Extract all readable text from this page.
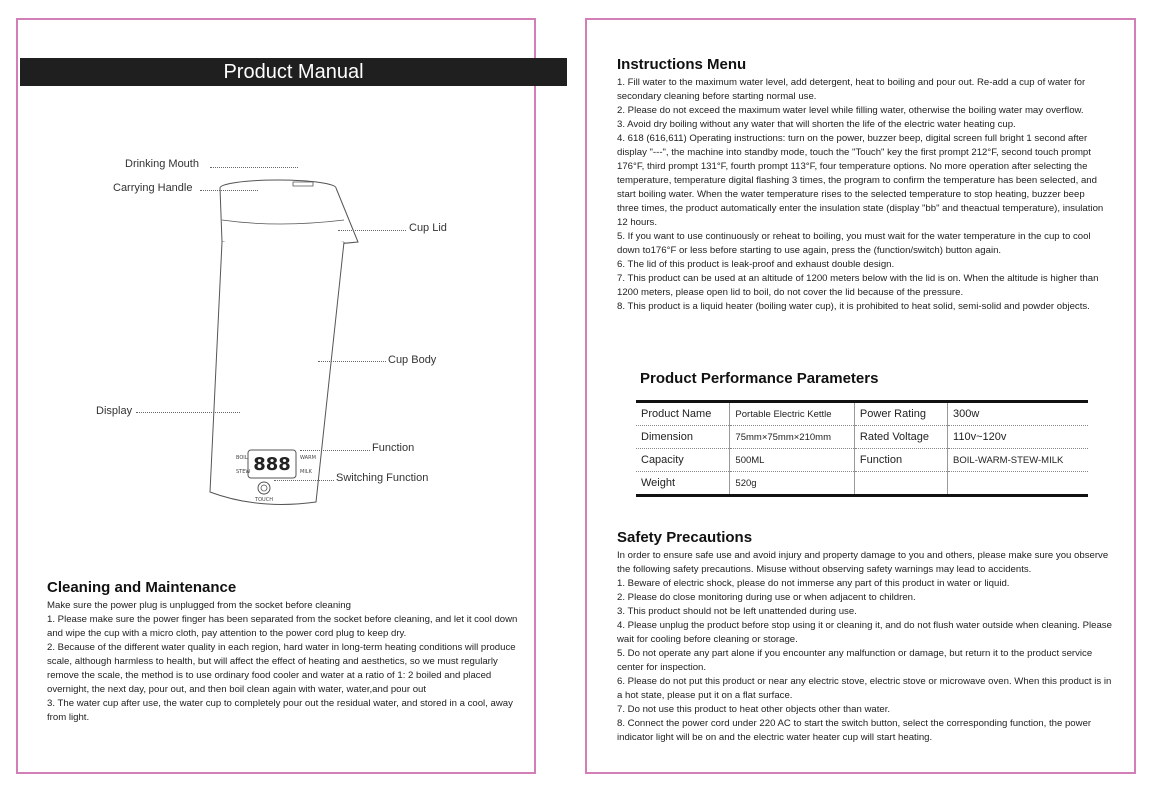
Product Manual
888
BOIL
STEW
WARM
MILK
TOUCH
Drinking Mouth
Carrying Handle
Cup Lid
Cup Body
Display
Function
Switching Function
Cleaning and Maintenance

Make sure the power plug is unplugged from the socket before cleaning

1. Please make sure the power finger has been separated from the socket before cleaning, and let it cool down and wipe the cup with a micro cloth, pay attention to the power cord plug to keep dry.

2. Because of the different water quality in each region, hard water in long-term heating conditions will produce scale, although harmless to health, but will affect the effect of heating and aesthetics, so we must regularly remove the scale, the method is to use ordinary food cooler and water at a ratio of 1: 2 boiled and placed overnight, the next day, pour out, and then boil clean again with water, water,and pour out

3. The water cup after use, the water cup to completely pour out the residual water, and stored in a cool, away from light.

Instructions Menu

1. Fill water to the maximum water level, add detergent, heat to boiling and pour out. Re-add a cup of water for secondary cleaning before starting normal use.

2. Please do not exceed the maximum water level while filling water, otherwise the boiling water may overflow.

3. Avoid dry boiling without any water that will shorten the life of the electric water heating cup.

4. 618 (616,611) Operating instructions: turn on the power, buzzer beep, digital screen full bright 1 second after display "---", the machine into standby mode, touch the "Touch" key the first prompt 212°F, second touch prompt 176°F, third prompt 131°F, fourth prompt 113°F, four temperature options. No more operation after selecting the temperature, temperature digital flashing 3 times, the program to confirm the temperature has been selected, and start boiling water. When the water temperature rises to the selected temperature to stop heating, buzzer beep three times, the product automatically enter the insulation state (display "bb" and theactual temperature), insulation 12 hours.

5. If you want to use continuously or reheat to boiling, you must wait for the water temperature in the cup to cool down to176°F or less before starting to use again, press the (function/switch) button again.

6. The lid of this product is leak-proof and exhaust double design.

7. This product can be used at an altitude of 1200 meters below with the lid is on. When the altitude is higher than 1200 meters, please open lid to boil, do not cover the lid because of the pressure.

8. This product is a liquid heater (boiling water cup), it is prohibited to heat solid, semi-solid and powder objects.

Product Performance Parameters
Product Name	Portable Electric Kettle	Power Rating	300w
Dimension	75mm×75mm×210mm	Rated Voltage	110v~120v
Capacity	500ML	Function	BOIL-WARM-STEW-MILK
Weight	520g		
Safety Precautions

In order to ensure safe use and avoid injury and property damage to you and others, please make sure you observe the following safety precautions. Misuse without observing safety warnings may lead to accidents.

1. Beware of electric shock, please do not immerse any part of this product in water or liquid.

2. Please do close monitoring during use or when adjacent to children.

3. This product should not be left unattended during use.

4. Please unplug the product before stop using it or cleaning it, and do not flush water outside when cleaning. Please wait for cooling before cleaning or storage.

5. Do not operate any part alone if you encounter any malfunction or damage, but return it to the product service center for inspection.

6. Please do not put this product or near any electric stove, electric stove or microwave oven. When this product is in a hot state, please put it on a flat surface.

7. Do not use this product to heat other objects other than water.

8. Connect the power cord under 220 AC to start the switch button, select the corresponding function, the power indicator light will be on and the electric water heater cup will start heating.
